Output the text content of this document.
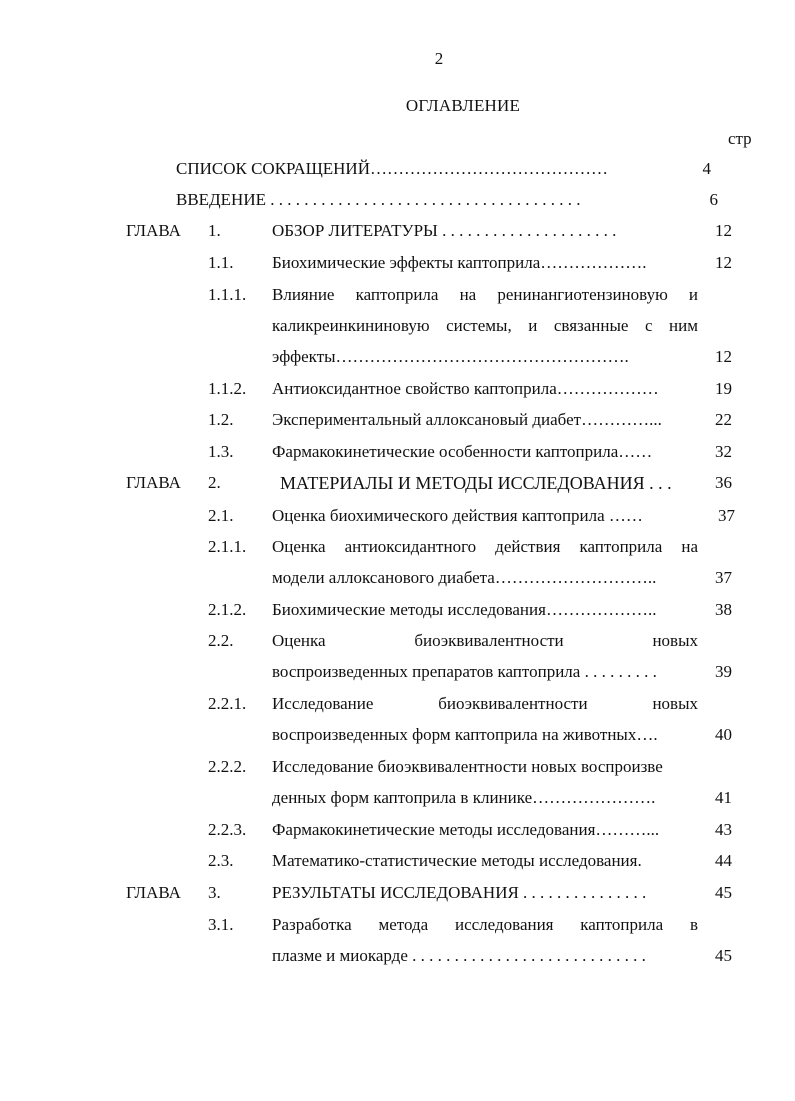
2
ОГЛАВЛЕНИЕ
стр
СПИСОК СОКРАЩЕНИЙ……………………………………	4
ВВЕДЕНИЕ . . . . . . . . . . . . . . . . . . . . . . . . . . . . . . . . . . . . .	6
ГЛАВА 1.	ОБЗОР ЛИТЕРАТУРЫ . . . . . . . . . . . . . . . . . . . . .	12
1.1. Биохимические эффекты каптоприла……………….	12
1.1.1. Влияние каптоприла на ренинангиотензиновую и
каликреинкининовую системы, и связанные с ним
эффекты…………………………………………….	12
1.1.2. Антиоксидантное свойство каптоприла………………	19
1.2. Экспериментальный аллоксановый диабет…………...	22
1.3. Фармакокинетические особенности каптоприла……	32
ГЛАВА 2.	МАТЕРИАЛЫ И МЕТОДЫ ИССЛЕДОВАНИЯ . . .	36
2.1. Оценка биохимического действия каптоприла ……	37
2.1.1. Оценка антиоксидантного действия каптоприла на
модели аллоксанового диабета………………………..	37
2.1.2. Биохимические методы исследования………………..	38
2.2. Оценка биоэквивалентности новых
воспроизведенных препаратов каптоприла . . . . . . . . .	39
2.2.1. Исследование биоэквивалентности новых
воспроизведенных форм каптоприла на животных….	40
2.2.2. Исследование биоэквивалентности новых воспроизве
денных форм каптоприла в клинике………………….	41
2.2.3. Фармакокинетические методы исследования………...	43
2.3. Математико-статистические методы исследования.	44
ГЛАВА 3.	РЕЗУЛЬТАТЫ ИССЛЕДОВАНИЯ . . . . . . . . . . . . . . .	45
3.1. Разработка метода исследования каптоприла в
плазме и миокарде . . . . . . . . . . . . . . . . . . . . . . . . . . . .	45
